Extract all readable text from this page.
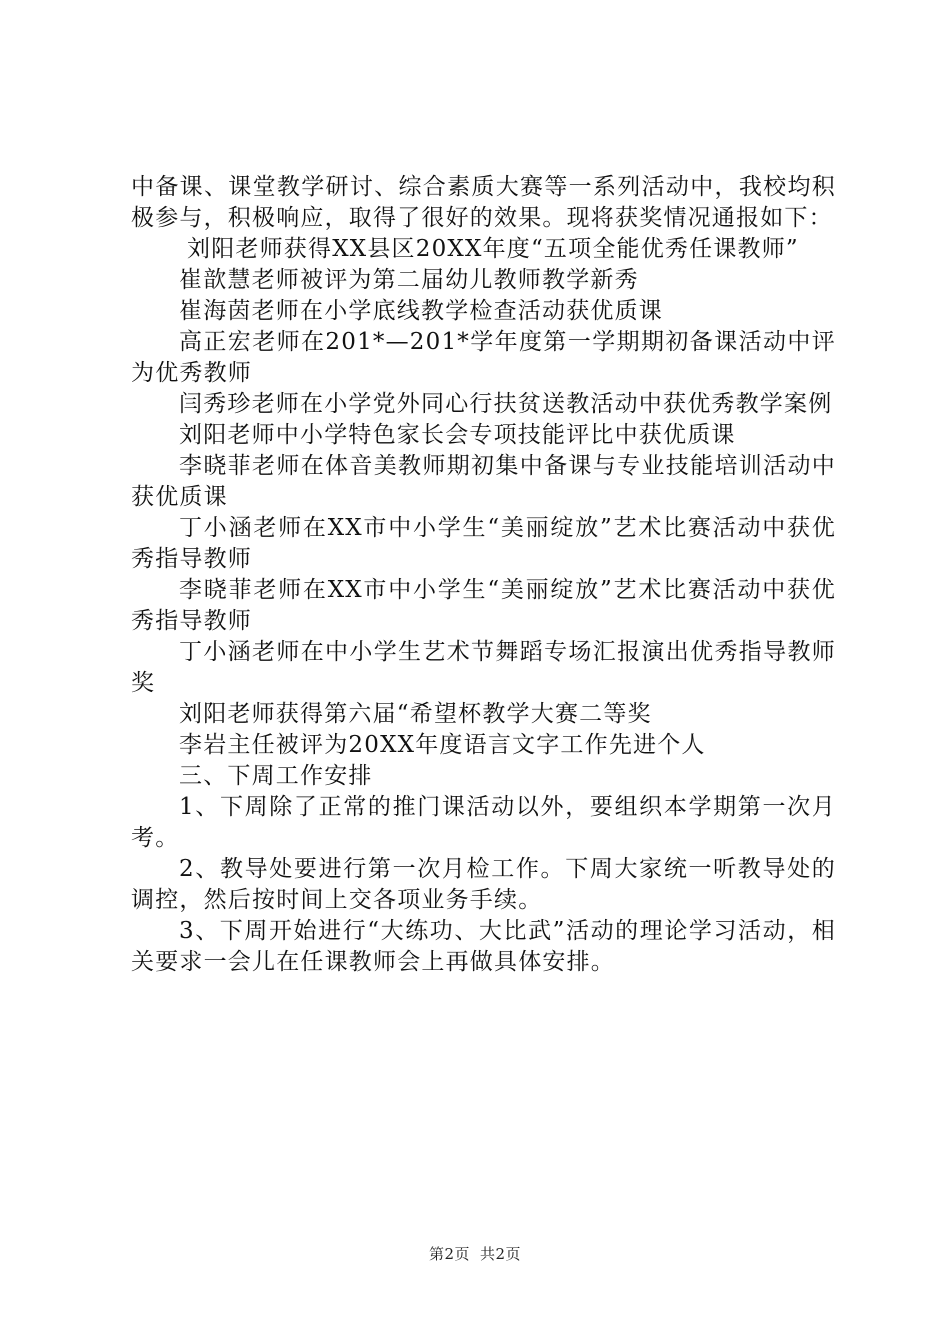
中备课、课堂教学研讨、综合素质大赛等一系列活动中，我校均积极参与，积极响应，取得了很好的效果。现将获奖情况通报如下：

刘阳老师获得XX县区20XX年度“五项全能优秀任课教师”

崔歆慧老师被评为第二届幼儿教师教学新秀

崔海茵老师在小学底线教学检查活动获优质课

高正宏老师在201*—201*学年度第一学期期初备课活动中评为优秀教师

闫秀珍老师在小学党外同心行扶贫送教活动中获优秀教学案例

刘阳老师中小学特色家长会专项技能评比中获优质课

李晓菲老师在体音美教师期初集中备课与专业技能培训活动中获优质课

丁小涵老师在XX市中小学生“美丽绽放”艺术比赛活动中获优秀指导教师

李晓菲老师在XX市中小学生“美丽绽放”艺术比赛活动中获优秀指导教师

丁小涵老师在中小学生艺术节舞蹈专场汇报演出优秀指导教师奖

刘阳老师获得第六届“希望杯教学大赛二等奖

李岩主任被评为20XX年度语言文字工作先进个人

三、下周工作安排

1、下周除了正常的推门课活动以外，要组织本学期第一次月考。

2、教导处要进行第一次月检工作。下周大家统一听教导处的调控，然后按时间上交各项业务手续。

3、下周开始进行“大练功、大比武”活动的理论学习活动，相关要求一会儿在任课教师会上再做具体安排。

第2页 共2页
